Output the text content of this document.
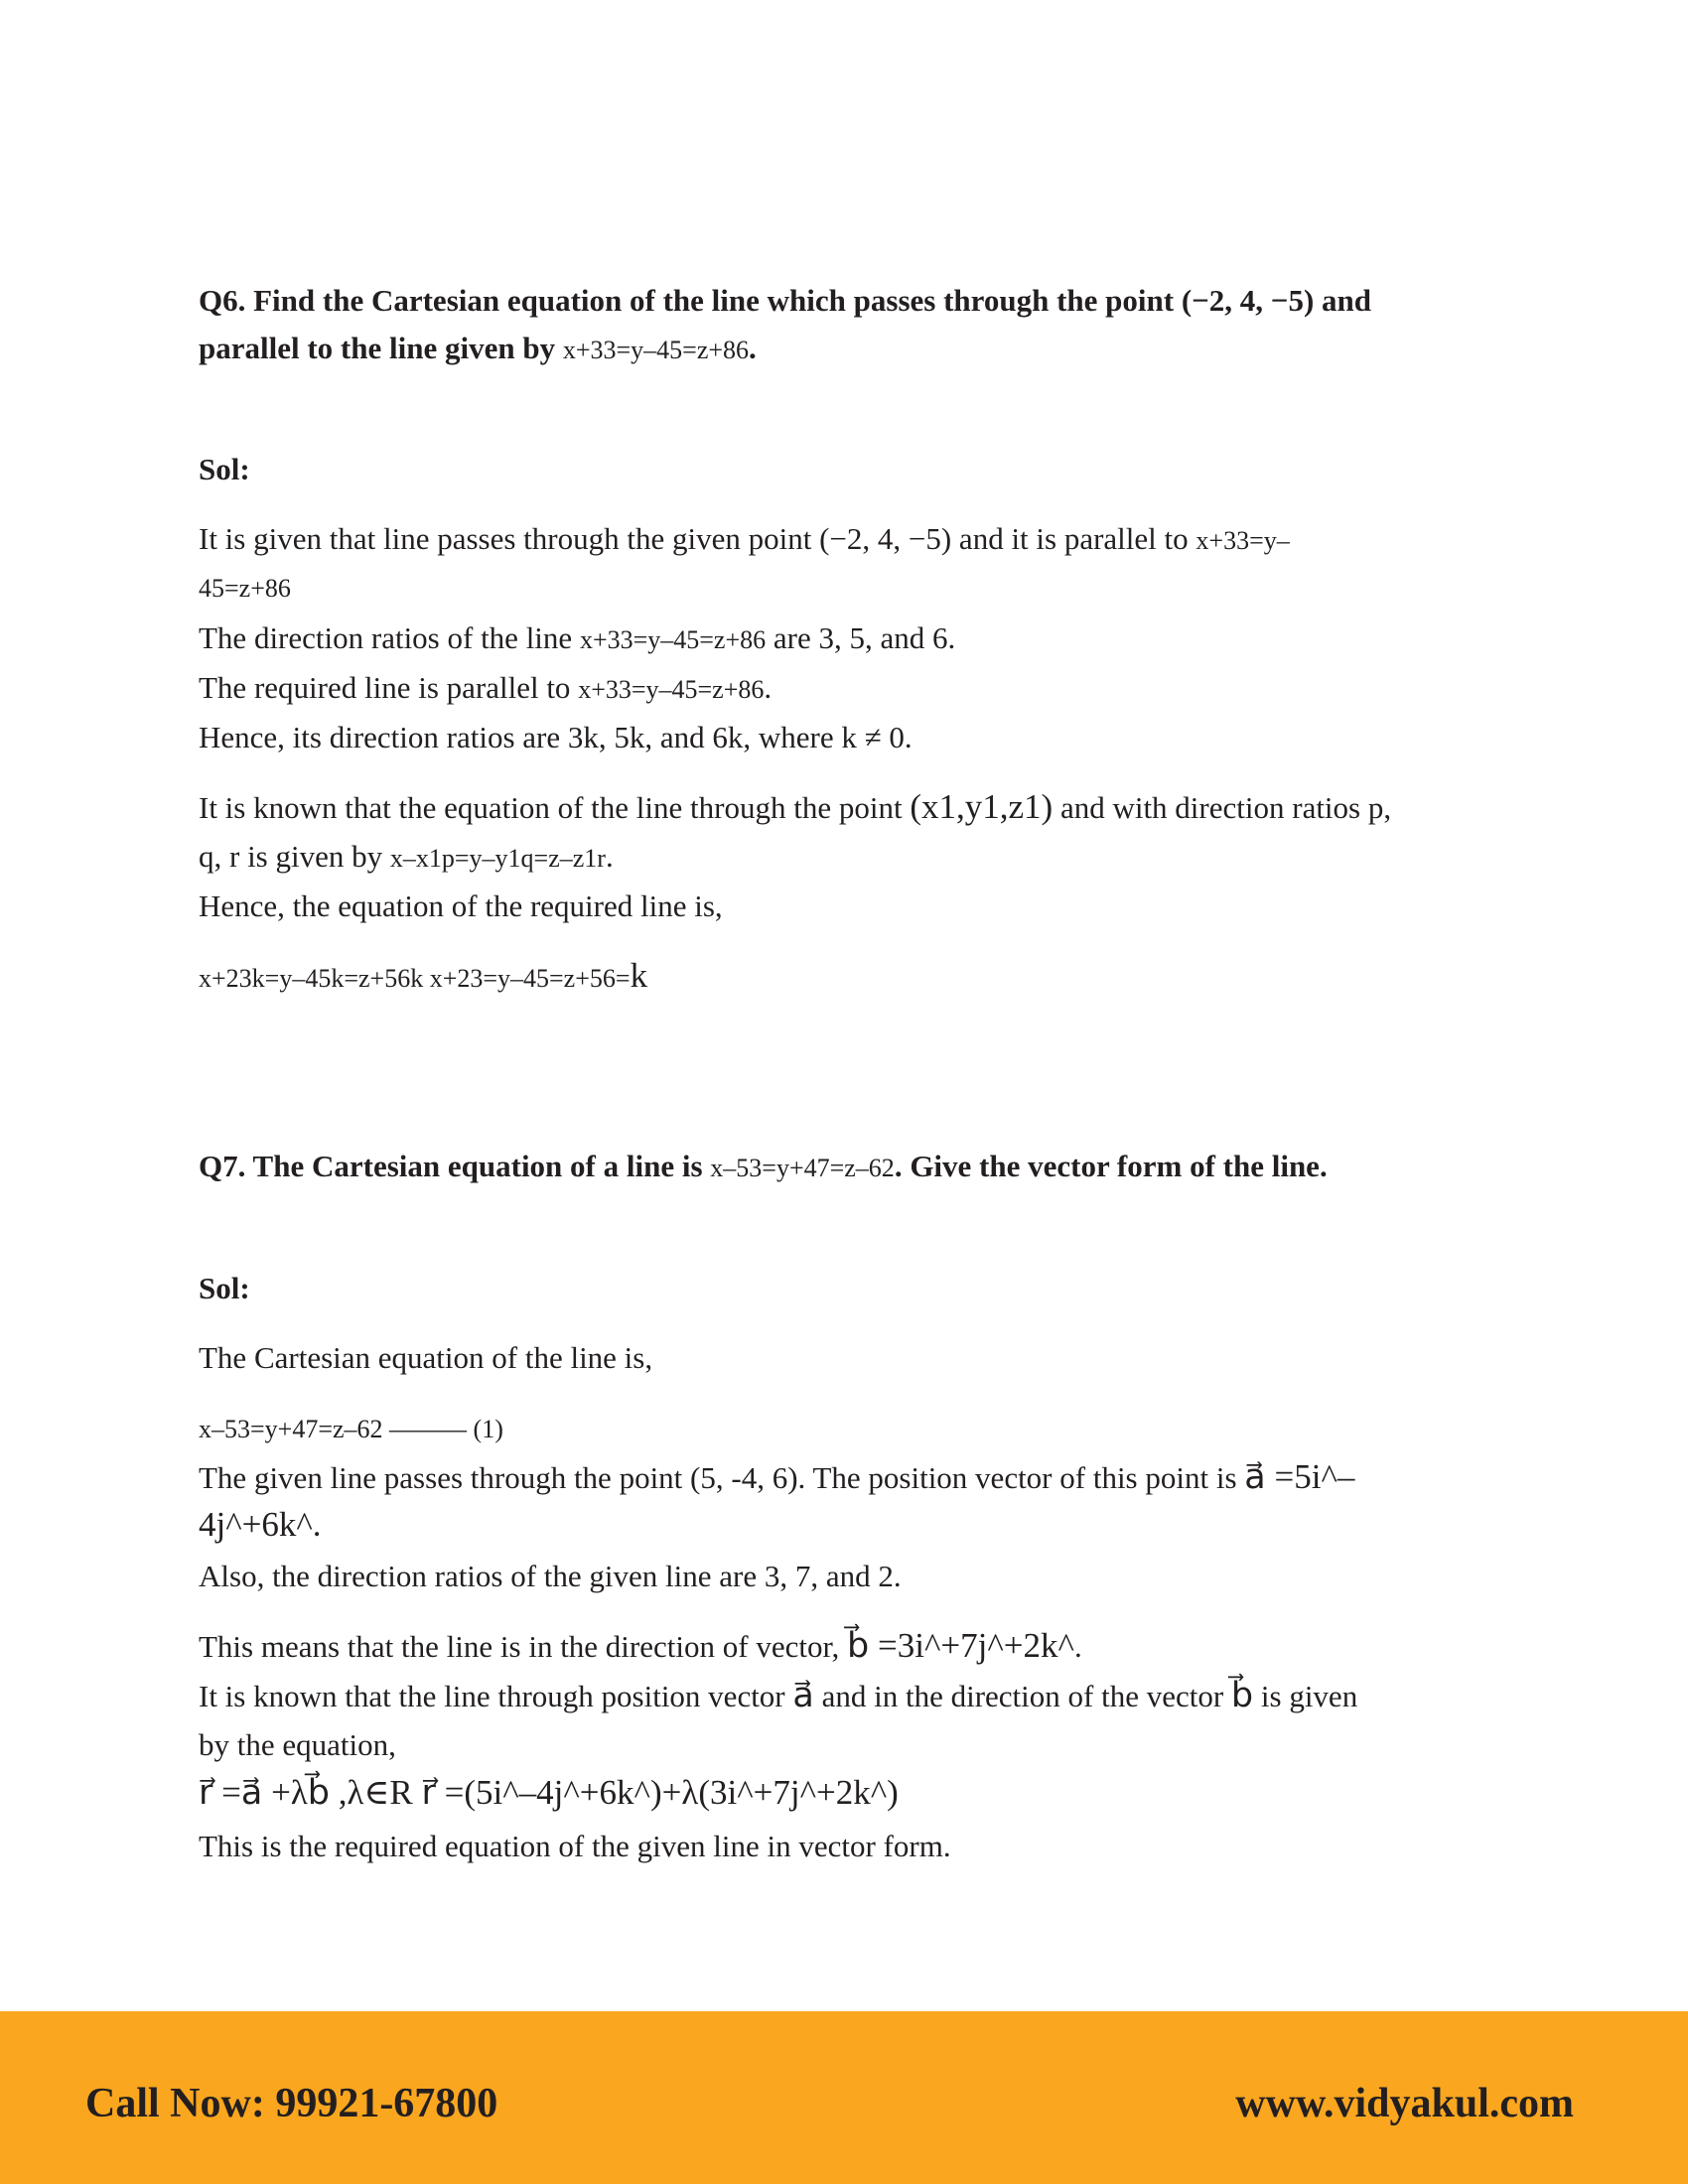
Q6. Find the Cartesian equation of the line which passes through the point (−2, 4, −5) and
parallel to the line given by x+33=y–45=z+86.
Sol:
It is given that line passes through the given point (−2, 4, −5) and it is parallel to x+33=y–
45=z+86
The direction ratios of the line x+33=y–45=z+86 are 3, 5, and 6.
The required line is parallel to x+33=y–45=z+86.
Hence, its direction ratios are 3k, 5k, and 6k, where k ≠ 0.
It is known that the equation of the line through the point (x1,y1,z1) and with direction ratios p,
q, r is given by x–x1p=y–y1q=z–z1r.
Hence, the equation of the required line is,
x+23k=y–45k=z+56k x+23=y–45=z+56=k
Q7. The Cartesian equation of a line is x–53=y+47=z–62. Give the vector form of the line.
Sol:
The Cartesian equation of the line is,
x–53=y+47=z–62 ——— (1)
The given line passes through the point (5, -4, 6). The position vector of this point is a⃗ =5i^–
4j^+6k^.
Also, the direction ratios of the given line are 3, 7, and 2.
This means that the line is in the direction of vector, b⃗ =3i^+7j^+2k^.
It is known that the line through position vector a⃗ and in the direction of the vector b⃗ is given
by the equation,
r⃗ =a⃗ +λb⃗ ,λ∈R r⃗ =(5i^–4j^+6k^)+λ(3i^+7j^+2k^)
This is the required equation of the given line in vector form.
Call Now: 99921-67800	www.vidyakul.com
